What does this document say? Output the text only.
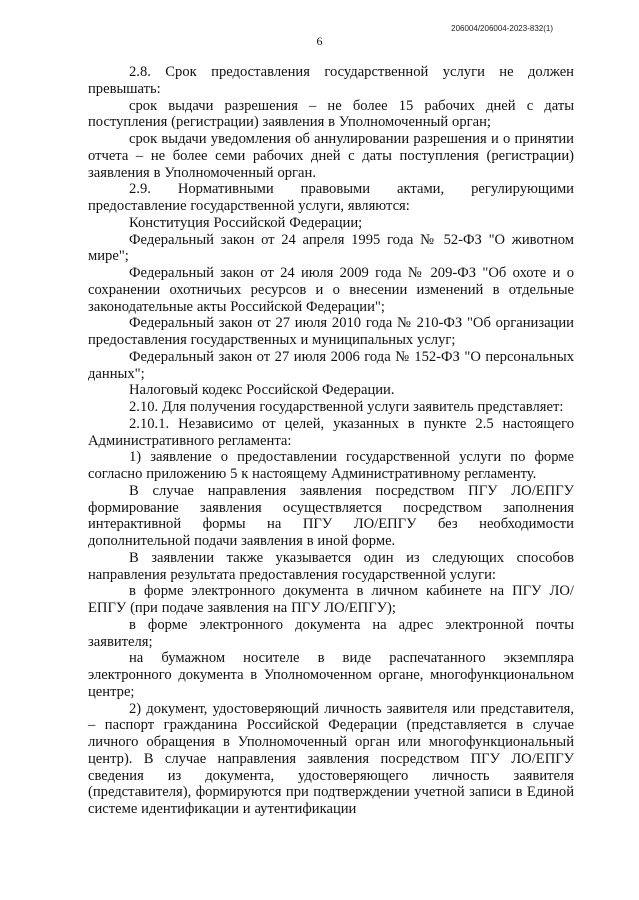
206004/206004-2023-832(1)
6

2.8. Срок предоставления государственной услуги не должен превышать:

срок выдачи разрешения – не более 15 рабочих дней с даты поступления (регистрации) заявления в Уполномоченный орган;

срок выдачи уведомления об аннулировании разрешения и о принятии отчета – не более семи рабочих дней с даты поступления (регистрации) заявления в Уполномоченный орган.

2.9. Нормативными правовыми актами, регулирующими предоставление государственной услуги, являются:

Конституция Российской Федерации;

Федеральный закон от 24 апреля 1995 года № 52-ФЗ "О животном мире";

Федеральный закон от 24 июля 2009 года № 209-ФЗ "Об охоте и о сохранении охотничьих ресурсов и о внесении изменений в отдельные законодательные акты Российской Федерации";

Федеральный закон от 27 июля 2010 года № 210-ФЗ "Об организации предоставления государственных и муниципальных услуг;

Федеральный закон от 27 июля 2006 года № 152-ФЗ "О персональных данных";

Налоговый кодекс Российской Федерации.

2.10. Для получения государственной услуги заявитель представляет:

2.10.1. Независимо от целей, указанных в пункте 2.5 настоящего Административного регламента:

1) заявление о предоставлении государственной услуги по форме согласно приложению 5 к настоящему Административному регламенту.

В случае направления заявления посредством ПГУ ЛО/ЕПГУ формирование заявления осуществляется посредством заполнения интерактивной формы на ПГУ ЛО/ЕПГУ без необходимости дополнительной подачи заявления в иной форме.

В заявлении также указывается один из следующих способов направления результата предоставления государственной услуги:

в форме электронного документа в личном кабинете на ПГУ ЛО/ЕПГУ (при подаче заявления на ПГУ ЛО/ЕПГУ);

в форме электронного документа на адрес электронной почты заявителя;

на бумажном носителе в виде распечатанного экземпляра электронного документа в Уполномоченном органе, многофункциональном центре;

2) документ, удостоверяющий личность заявителя или представителя, – паспорт гражданина Российской Федерации (представляется в случае личного обращения в Уполномоченный орган или многофункциональный центр). В случае направления заявления посредством ПГУ ЛО/ЕПГУ сведения из документа, удостоверяющего личность заявителя (представителя), формируются при подтверждении учетной записи в Единой системе идентификации и аутентификации
